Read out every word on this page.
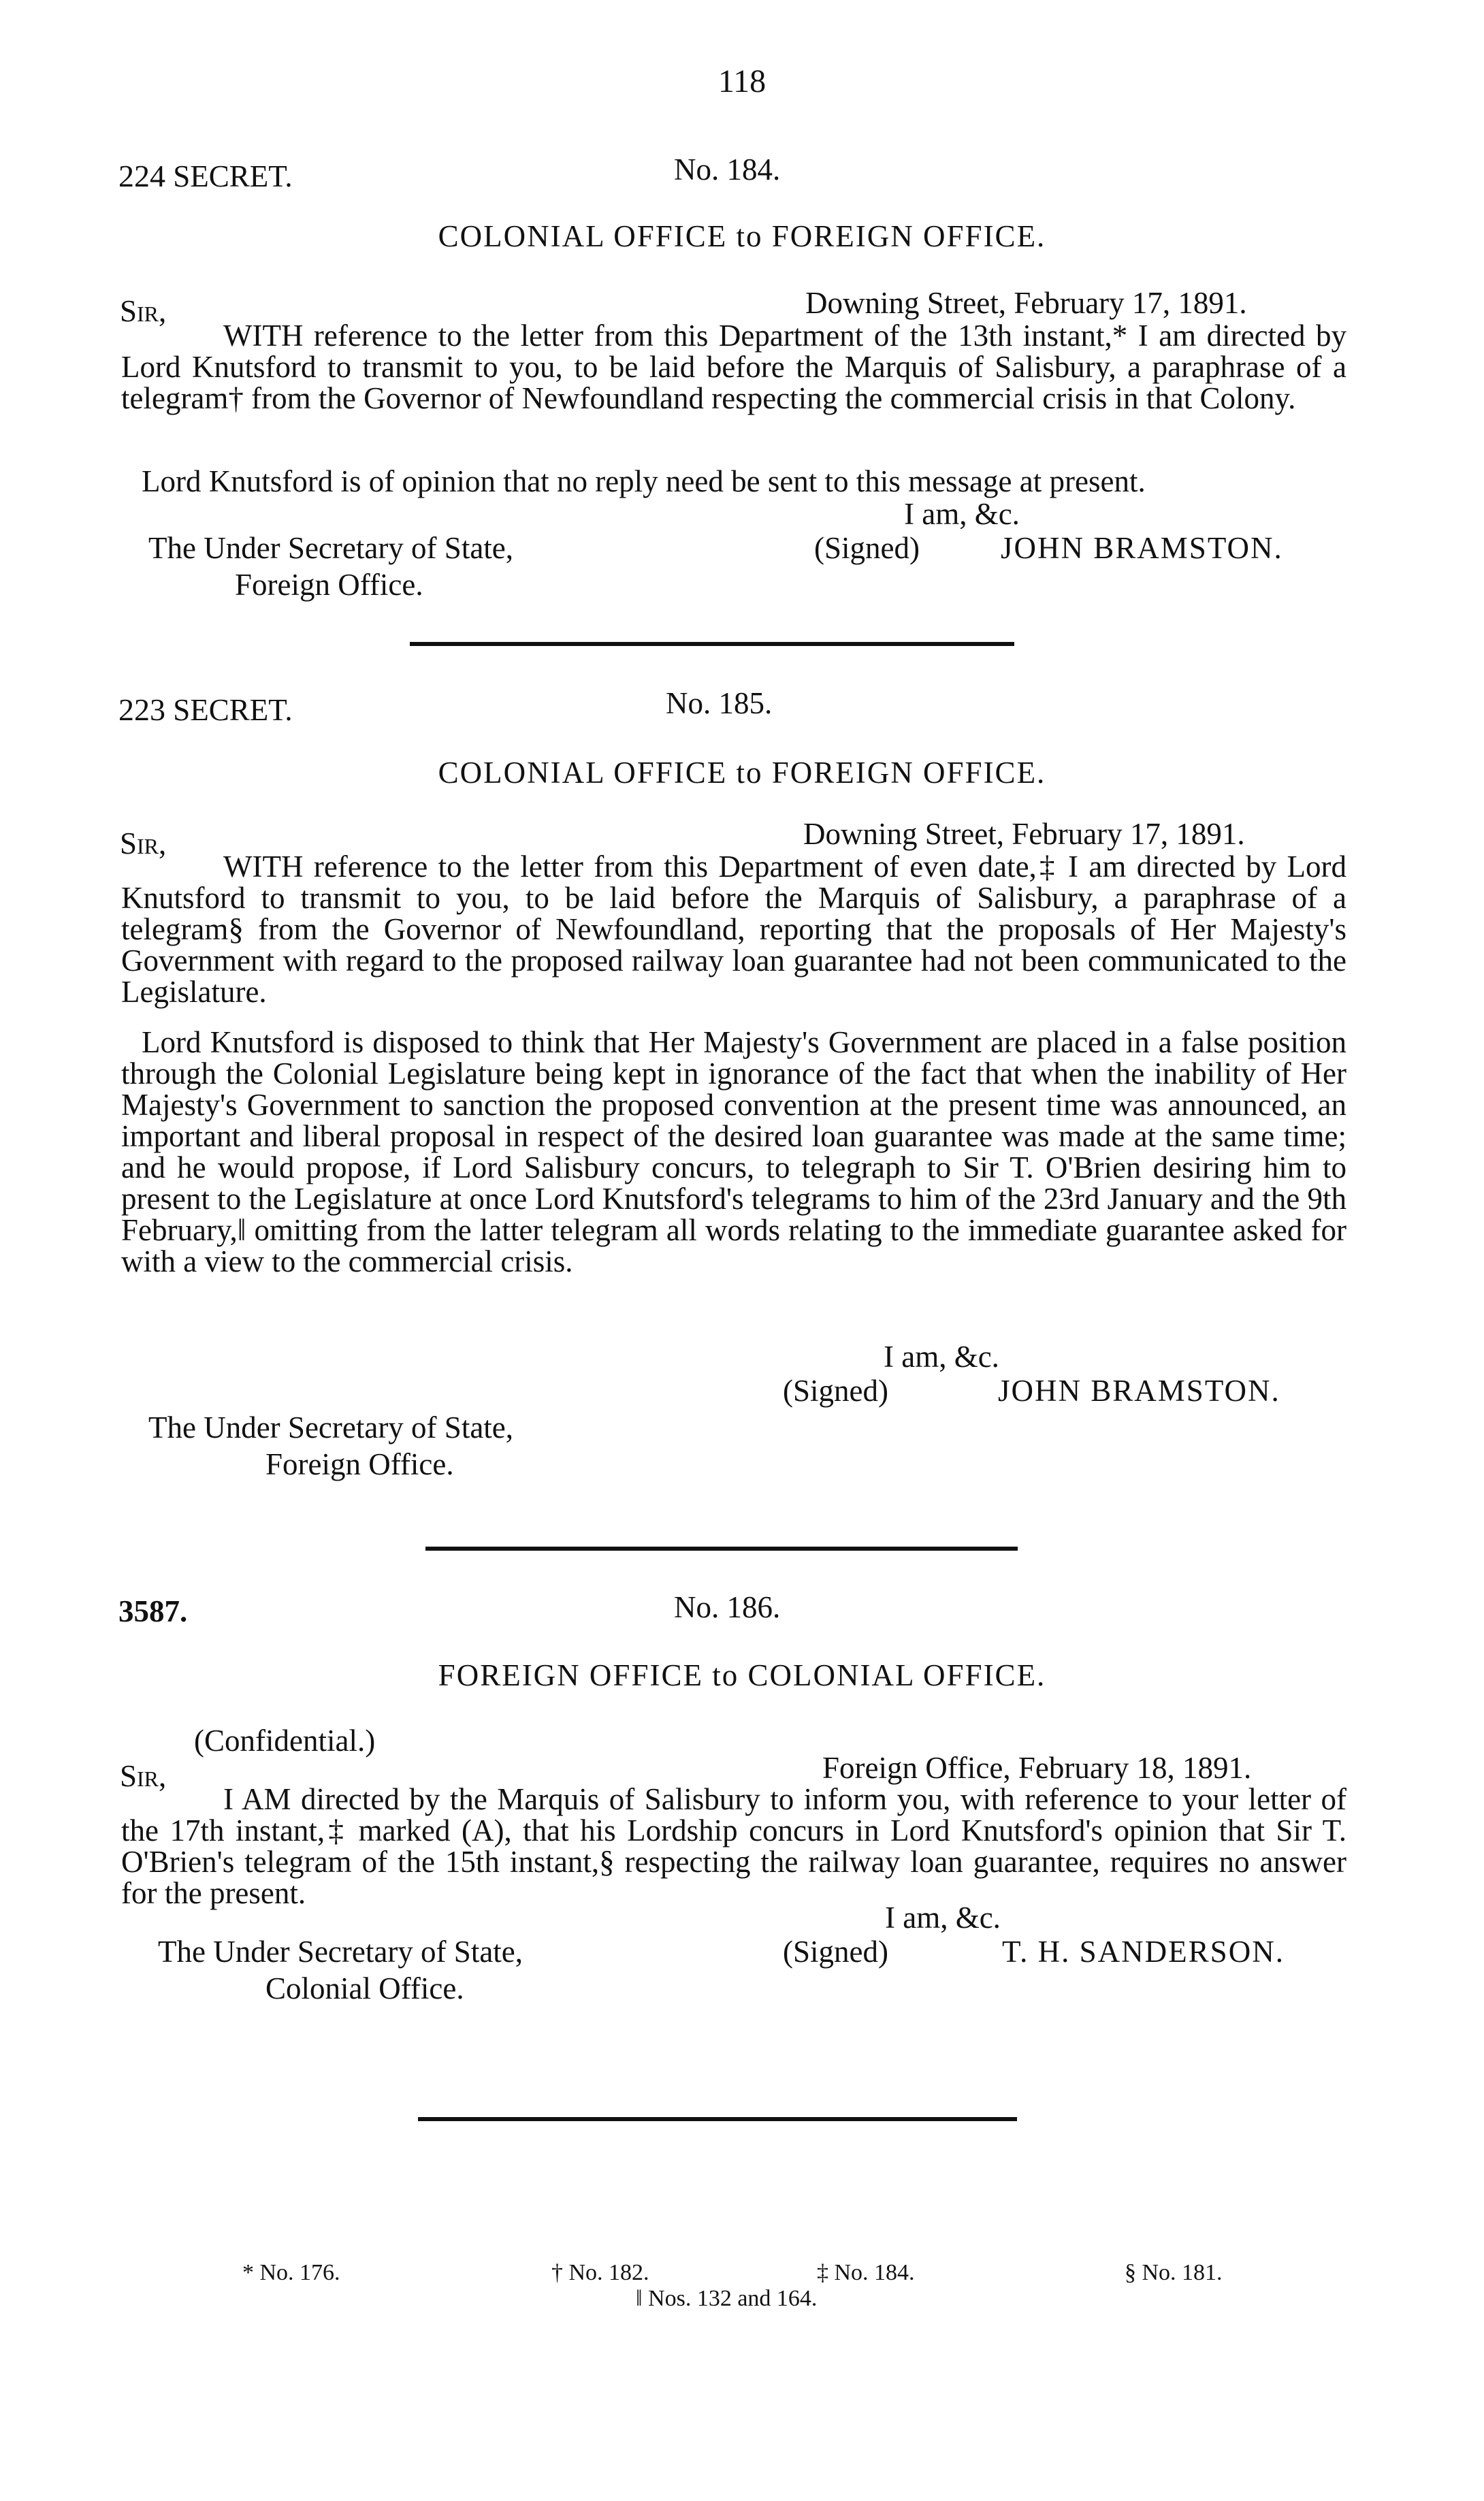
118
224 SECRET.	No. 184.
COLONIAL OFFICE to FOREIGN OFFICE.
Sir,	Downing Street, February 17, 1891.
WITH reference to the letter from this Department of the 13th instant,* I am directed by Lord Knutsford to transmit to you, to be laid before the Marquis of Salisbury, a paraphrase of a telegram† from the Governor of Newfoundland respecting the commercial crisis in that Colony.
Lord Knutsford is of opinion that no reply need be sent to this message at present.
I am, &c.
The Under Secretary of State,
Foreign Office.
(Signed)	JOHN BRAMSTON.
223 SECRET.	No. 185.
COLONIAL OFFICE to FOREIGN OFFICE.
Sir,	Downing Street, February 17, 1891.
WITH reference to the letter from this Department of even date,‡ I am directed by Lord Knutsford to transmit to you, to be laid before the Marquis of Salisbury, a paraphrase of a telegram§ from the Governor of Newfoundland, reporting that the proposals of Her Majesty's Government with regard to the proposed railway loan guarantee had not been communicated to the Legislature.
Lord Knutsford is disposed to think that Her Majesty's Government are placed in a false position through the Colonial Legislature being kept in ignorance of the fact that when the inability of Her Majesty's Government to sanction the proposed convention at the present time was announced, an important and liberal proposal in respect of the desired loan guarantee was made at the same time; and he would propose, if Lord Salisbury concurs, to telegraph to Sir T. O'Brien desiring him to present to the Legislature at once Lord Knutsford's telegrams to him of the 23rd January and the 9th February,‖ omitting from the latter telegram all words relating to the immediate guarantee asked for with a view to the commercial crisis.
I am, &c.
(Signed)	JOHN BRAMSTON.
The Under Secretary of State,
Foreign Office.
3587.	No. 186.
FOREIGN OFFICE to COLONIAL OFFICE.
(Confidential.)
Sir,	Foreign Office, February 18, 1891.
I AM directed by the Marquis of Salisbury to inform you, with reference to your letter of the 17th instant,‡ marked (A), that his Lordship concurs in Lord Knutsford's opinion that Sir T. O'Brien's telegram of the 15th instant,§ respecting the railway loan guarantee, requires no answer for the present.
I am, &c.
The Under Secretary of State,
Colonial Office.
(Signed)	T. H. SANDERSON.
* No. 176.	† No. 182.	‡ No. 184.	§ No. 181.
‖ Nos. 132 and 164.
